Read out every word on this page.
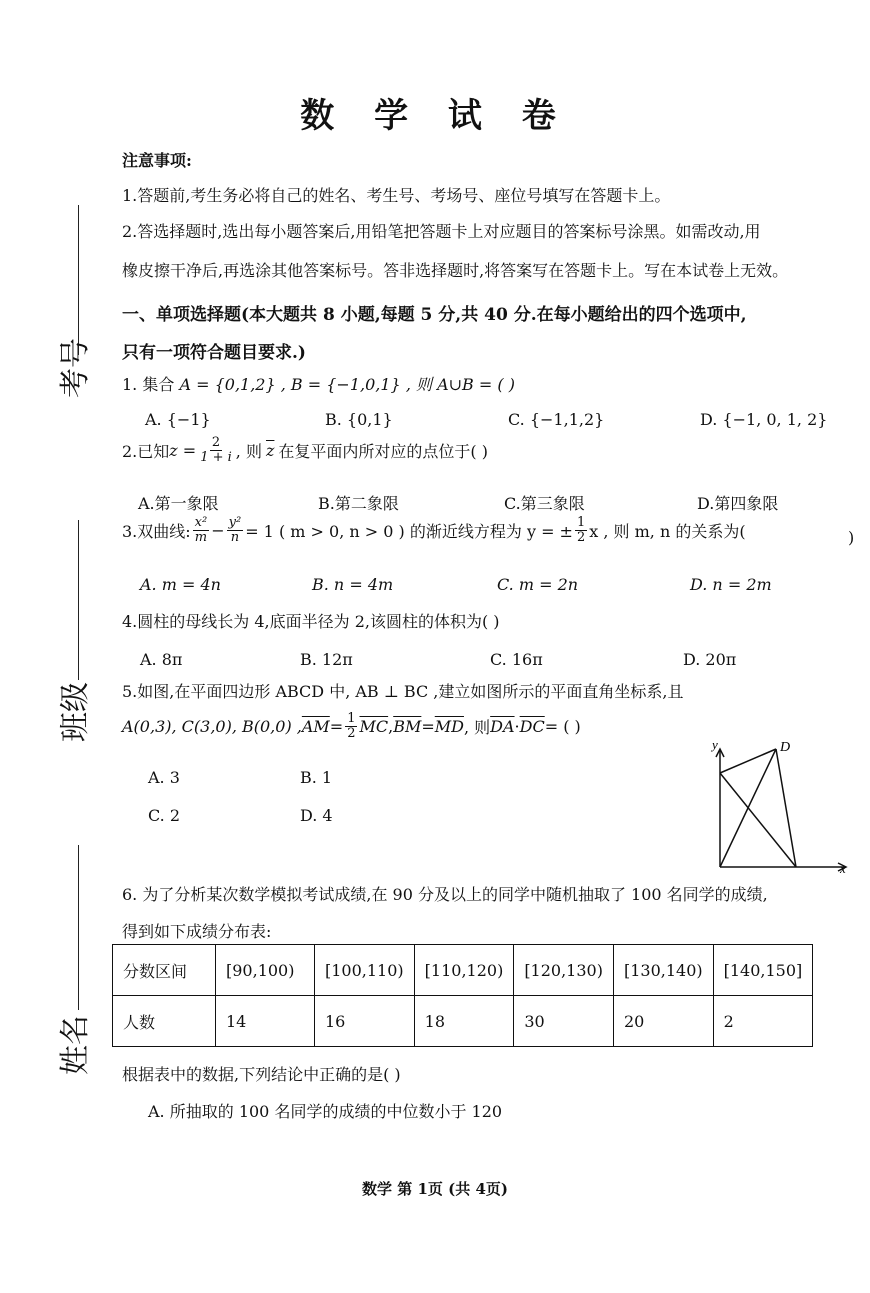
数 学 试 卷
注意事项:
1.答题前,考生务必将自己的姓名、考生号、考场号、座位号填写在答题卡上。
2.答选择题时,选出每小题答案后,用铅笔把答题卡上对应题目的答案标号涂黑。如需改动,用
橡皮擦干净后,再选涂其他答案标号。答非选择题时,将答案写在答题卡上。写在本试卷上无效。
考号
班级
姓名
一、单项选择题(本大题共 8 小题,每题 5 分,共 40 分.在每小题给出的四个选项中,
只有一项符合题目要求.)
1. 集合 A = {0,1,2} , B = {−1,0,1} , 则 A∪B = ( )
A. {−1}	B. {0,1}	C. {−1,1,2}	D. {−1, 0, 1, 2}
2.已知 $z = \frac{2}{1 + i}$ , 则 $\overline{z}$ 在复平面内所对应的点位于( )
A.第一象限	B.第二象限	C.第三象限	D.第四象限
3.双曲线: $\frac{\text{x²}}{m} - \frac{\text{y²}}{n} = 1$ ( m > 0, n > 0 ) 的渐近线方程为 y = ± $\frac{1}{2}$ x , 则 m, n 的关系为(	)
A. m = 4n	B. n = 4m	C. m = 2n	D. n = 2m
4.圆柱的母线长为 4,底面半径为 2,该圆柱的体积为( )
A. 8π	B. 12π	C. 16π	D. 20π
5.如图,在平面四边形 ABCD 中, AB ⊥ BC ,建立如图所示的平面直角坐标系,且
A(0,3), C(3,0), B(0,0) , $\overline{AM} = \frac{1}{2} \overline{MC}$ , $\overline{BM} = \overline{MD}$ , 则 $\overline{DA} \cdot \overline{DC}$ = ( )
A. 3	B. 1
C. 2	D. 4
D
x
y
6. 为了分析某次数学模拟考试成绩,在 90 分及以上的同学中随机抽取了 100 名同学的成绩,
得到如下成绩分布表:
分数区间	[90,100)	[100,110)	[110,120)	[120,130)	[130,140)	[140,150]
人数	14	16	18	30	20	2
根据表中的数据,下列结论中正确的是( )
A. 所抽取的 100 名同学的成绩的中位数小于 120
数学 第 1页 (共 4页)
